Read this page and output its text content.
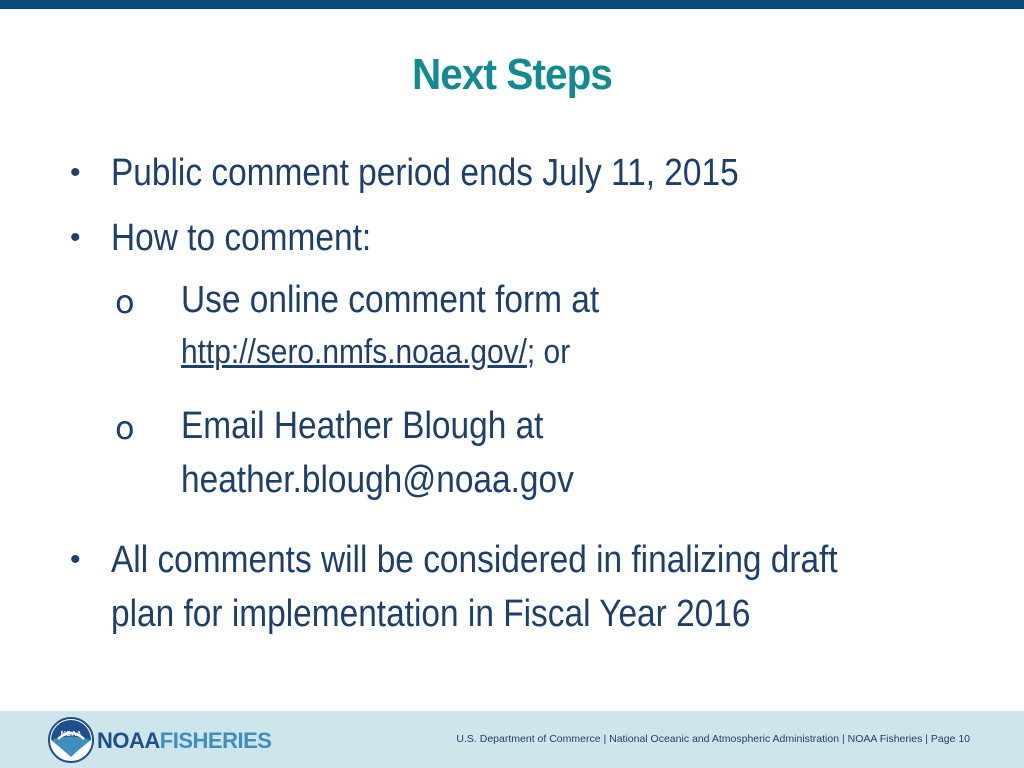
Next Steps
• Public comment period ends July 11, 2015
• How to comment:
o Use online comment form at
http://sero.nmfs.noaa.gov/; or
o Email Heather Blough at
heather.blough@noaa.gov
• All comments will be considered in finalizing draft
plan for implementation in Fiscal Year 2016
NOAA NOAAFISHERIES	U.S. Department of Commerce | National Oceanic and Atmospheric Administration | NOAA Fisheries | Page 10
